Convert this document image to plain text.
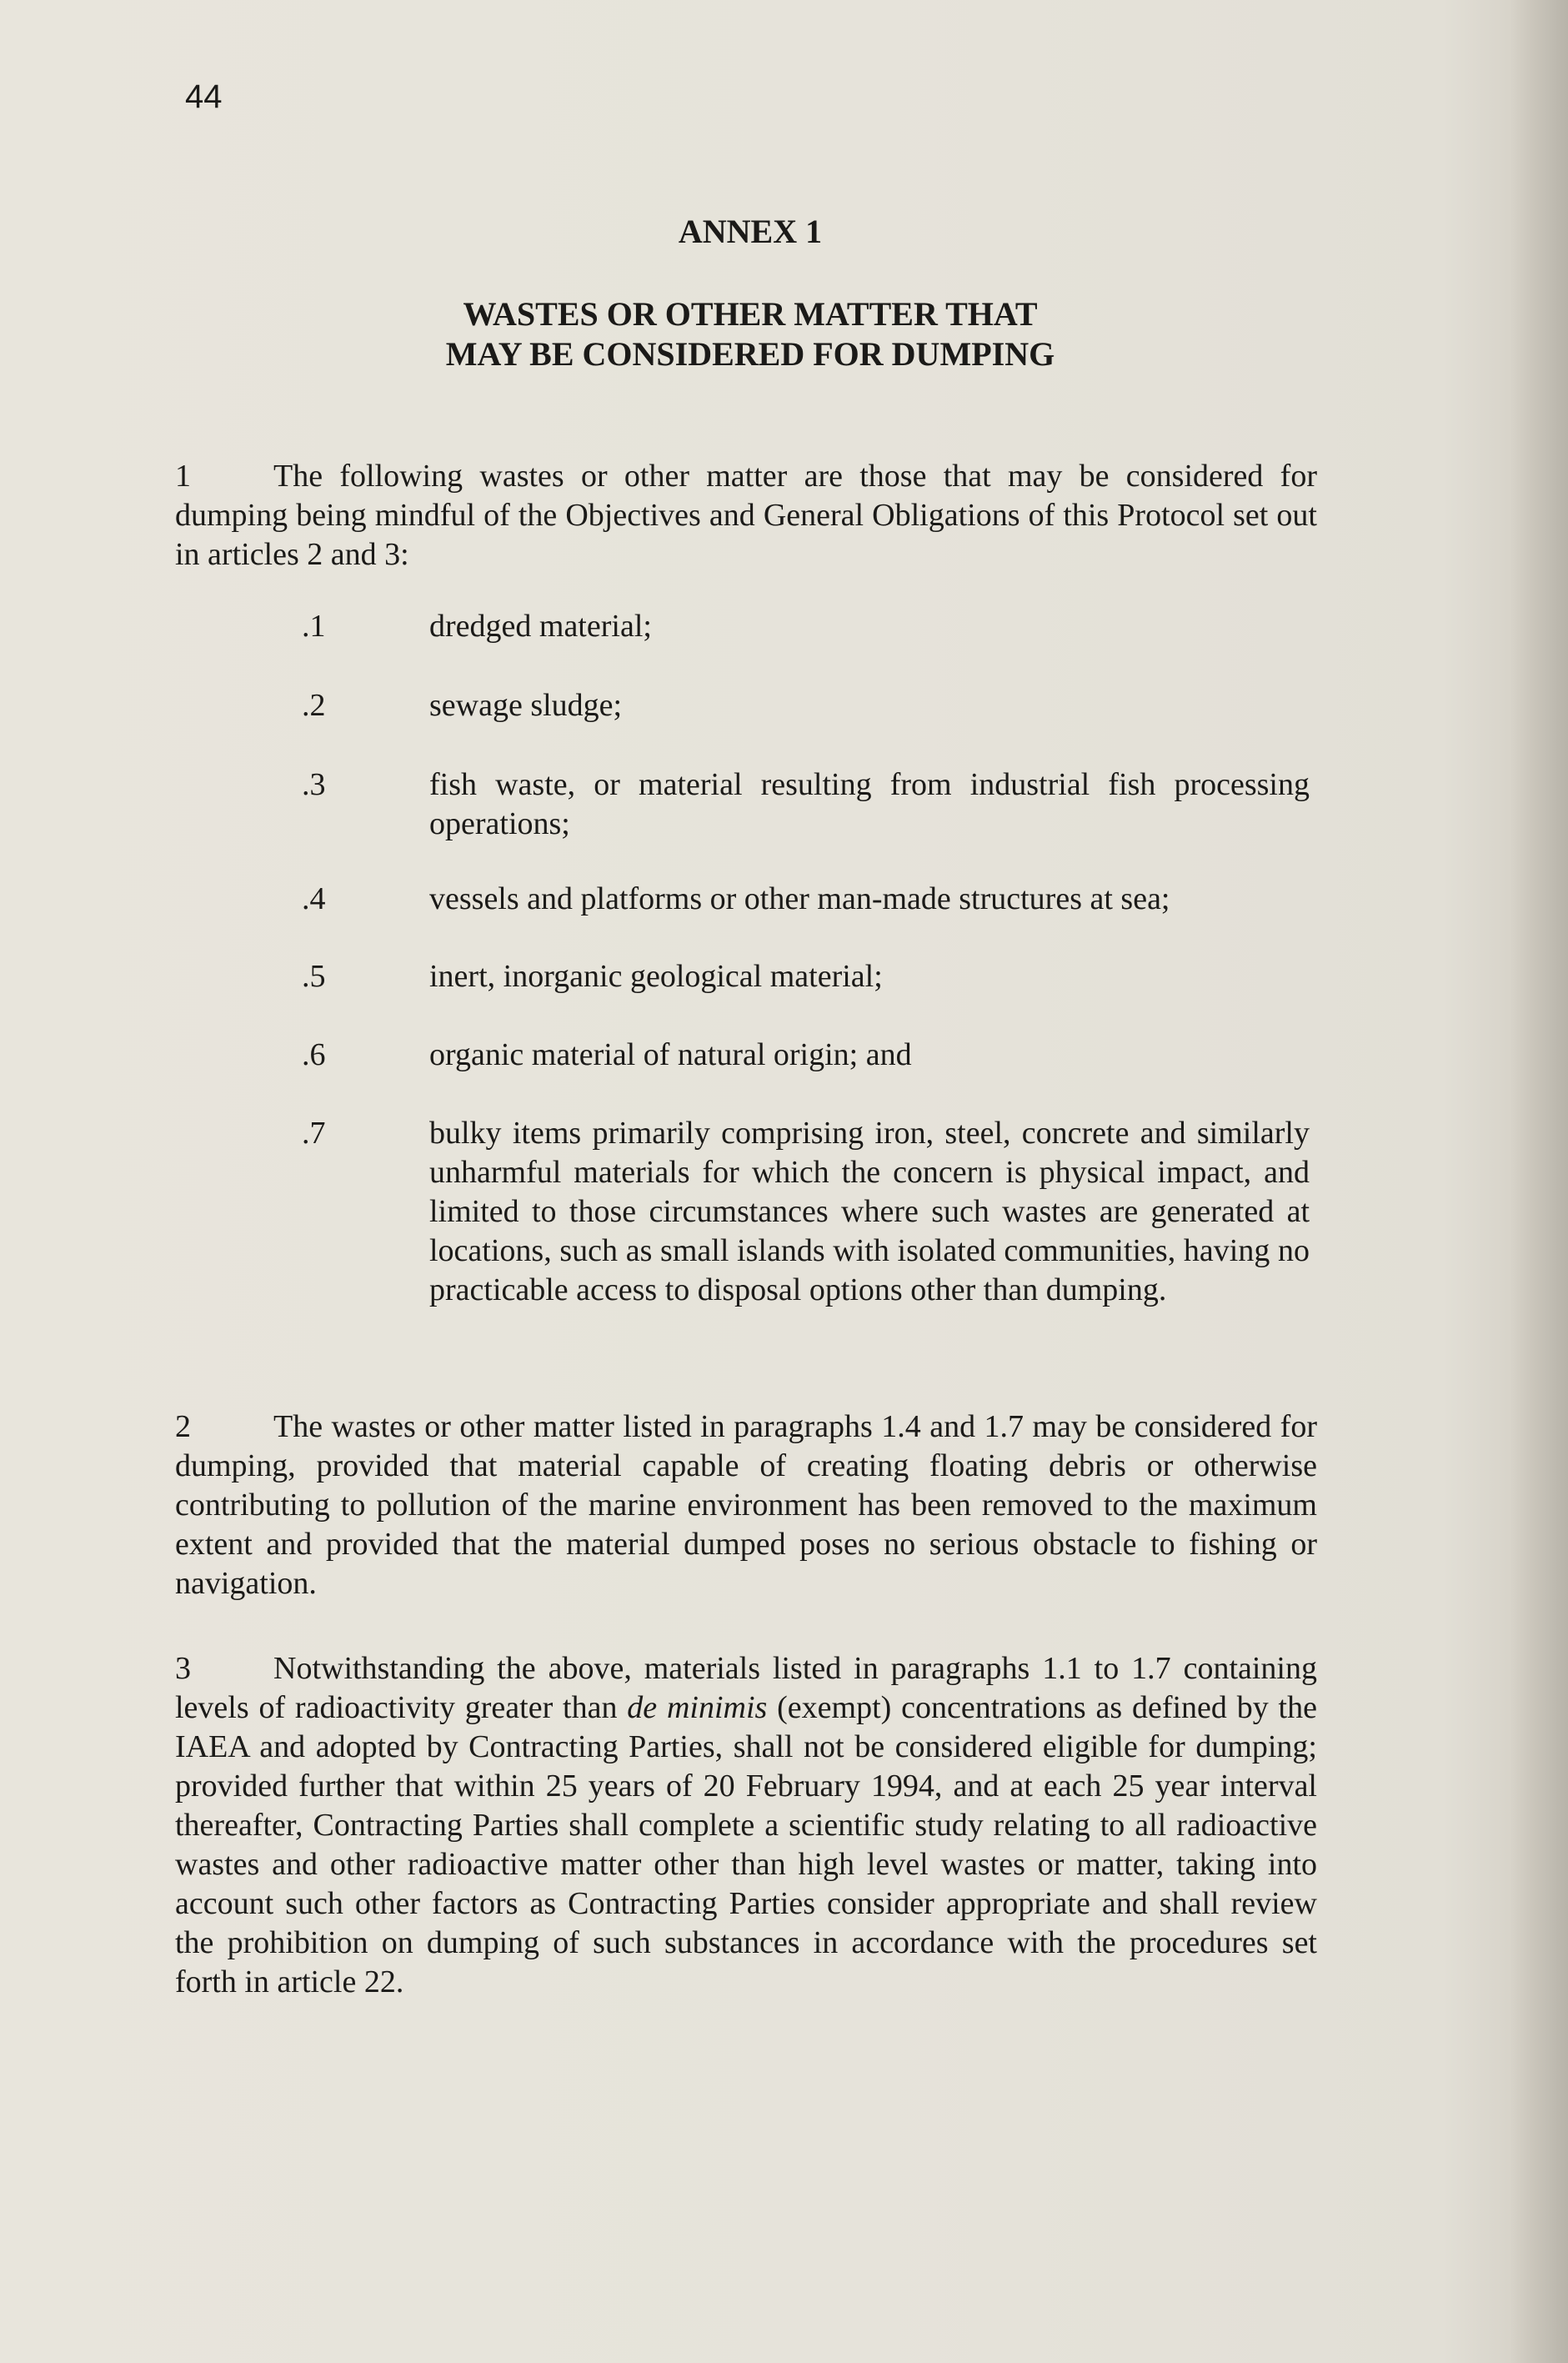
44
ANNEX 1
WASTES OR OTHER MATTER THAT
MAY BE CONSIDERED FOR DUMPING
1	The following wastes or other matter are those that may be considered for dumping being mindful of the Objectives and General Obligations of this Protocol set out in articles 2 and 3:
.1	dredged material;
.2	sewage sludge;
.3	fish waste, or material resulting from industrial fish processing operations;
.4	vessels and platforms or other man-made structures at sea;
.5	inert, inorganic geological material;
.6	organic material of natural origin; and
.7	bulky items primarily comprising iron, steel, concrete and similarly unharmful materials for which the concern is physical impact, and limited to those circumstances where such wastes are generated at locations, such as small islands with isolated communities, having no practicable access to disposal options other than dumping.
2	The wastes or other matter listed in paragraphs 1.4 and 1.7 may be considered for dumping, provided that material capable of creating floating debris or otherwise contributing to pollution of the marine environment has been removed to the maximum extent and provided that the material dumped poses no serious obstacle to fishing or navigation.
3	Notwithstanding the above, materials listed in paragraphs 1.1 to 1.7 containing levels of radioactivity greater than de minimis (exempt) concentrations as defined by the IAEA and adopted by Contracting Parties, shall not be considered eligible for dumping; provided further that within 25 years of 20 February 1994, and at each 25 year interval thereafter, Contracting Parties shall complete a scientific study relating to all radioactive wastes and other radioactive matter other than high level wastes or matter, taking into account such other factors as Contracting Parties consider appropriate and shall review the prohibition on dumping of such substances in accordance with the procedures set forth in article 22.
